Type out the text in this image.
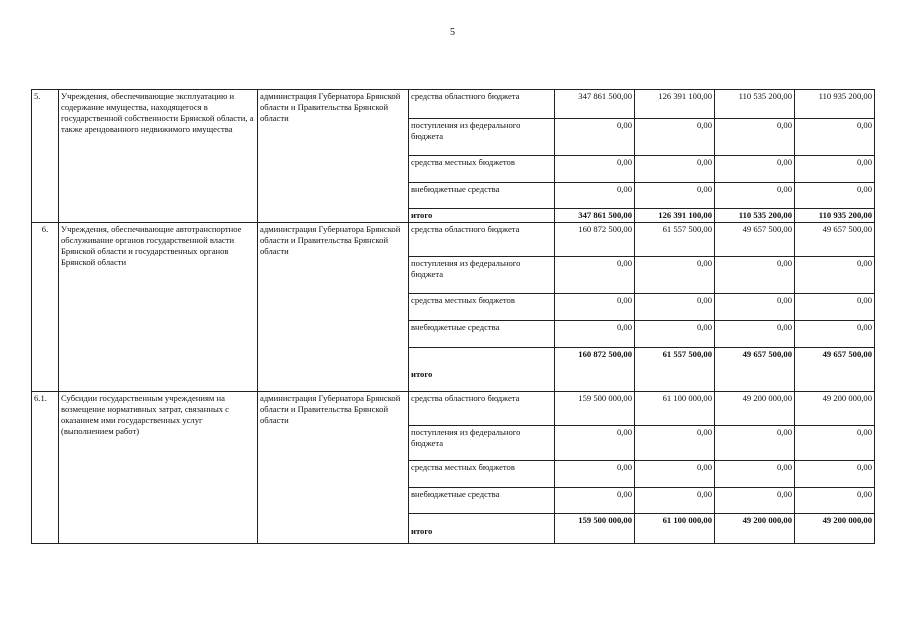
5
5.	Учреждения, обеспечивающие эксплуатацию и содержание имущества, находящегося в государственной собственности Брянской области, а также арендованного недвижимого имущества	администрация Губернатора Брянской области и Правительства Брянской области	средства областного бюджета	347 861 500,00	126 391 100,00	110 535 200,00	110 935 200,00
			поступления из федерального бюджета	0,00	0,00	0,00	0,00
			средства местных бюджетов	0,00	0,00	0,00	0,00
			внебюджетные средства	0,00	0,00	0,00	0,00
			итого	347 861 500,00	126 391 100,00	110 535 200,00	110 935 200,00
6.	Учреждения, обеспечивающие автотранспортное обслуживание органов государственной власти Брянской области и государственных органов Брянской области	администрация Губернатора Брянской области и Правительства Брянской области	средства областного бюджета	160 872 500,00	61 557 500,00	49 657 500,00	49 657 500,00
			поступления из федерального бюджета	0,00	0,00	0,00	0,00
			средства местных бюджетов	0,00	0,00	0,00	0,00
			внебюджетные средства	0,00	0,00	0,00	0,00
			итого	160 872 500,00	61 557 500,00	49 657 500,00	49 657 500,00
6.1.	Субсидии государственным учреждениям на возмещение нормативных затрат, связанных с оказанием ими государственных услуг (выполнением работ)	администрация Губернатора Брянской области и Правительства Брянской области	средства областного бюджета	159 500 000,00	61 100 000,00	49 200 000,00	49 200 000,00
			поступления из федерального бюджета	0,00	0,00	0,00	0,00
			средства местных бюджетов	0,00	0,00	0,00	0,00
			внебюджетные средства	0,00	0,00	0,00	0,00
			итого	159 500 000,00	61 100 000,00	49 200 000,00	49 200 000,00
